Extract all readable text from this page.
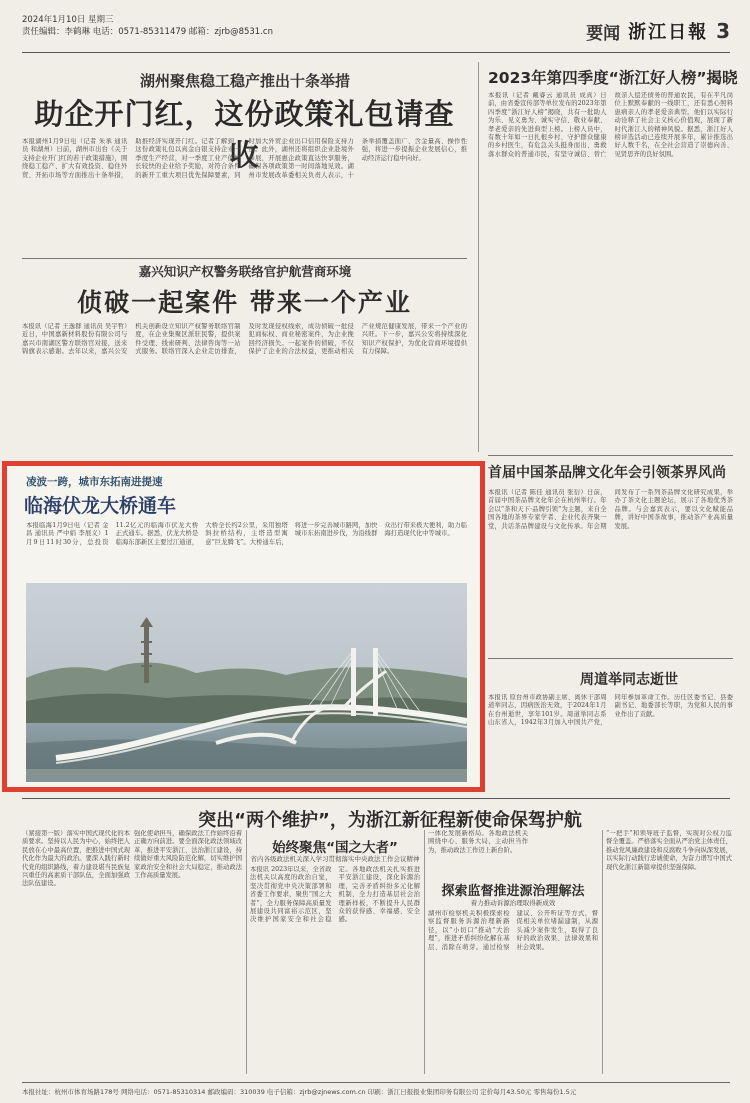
2024年1月10日 星期三
责任编辑：李鹤琳 电话：0571-85311479 邮箱：zjrb@8531.cn	要闻 浙江日報 3
湖州聚焦稳工稳产推出十条举措
助企开门红，这份政策礼包请查收
本报湖州1月9日电（记者 朱承 通讯员 和湖州）日前，湖州市出台《关于支持企业开门红的若干政策措施》，围绕稳工稳产、扩大有效投资、稳住外贸、开拓市场等方面推出十条举措，助推经济实现开门红。记者了解到，这份政策礼包以真金白银支持企业一季度生产经营，对一季度工业产值增长较快的企业给予奖励，对符合条件的新开工重大项目优先保障要素，同时加大外贸企业出口信用保险支持力度。此外，湖州还将组织企业赴境外参展，开展惠企政策直达快享服务，确保各项政策第一时间落地见效。湖州市发展改革委相关负责人表示，十条举措覆盖面广、含金量高、操作性强，将进一步提振企业发展信心，推动经济运行稳中向好。
嘉兴知识产权警务联络官护航营商环境
侦破一起案件 带来一个产业
本报讯（记者 王逸群 通讯员 吴宇哲）近日，中国嘉新材料股份有限公司与嘉兴市南湖区警方联络官对接，送来锦旗表示感谢。去年以来，嘉兴公安机关创新设立知识产权警务联络官制度，在企业集聚区派驻民警，提供案件受理、线索研判、法律咨询等一站式服务。联络官深入企业走访排查，及时发现侵权线索，成功侦破一批侵犯商标权、商业秘密案件，为企业挽回经济损失。一起案件的侦破，不仅保护了企业的合法权益，更推动相关产业规范健康发展，带来一个产业的兴旺。下一步，嘉兴公安将持续深化知识产权保护，为优化营商环境提供有力保障。
2023年第四季度“浙江好人榜”揭晓
本报讯（记者 戴睿云 通讯员 成真）日前，由省委宣传部等单位发布的2023年第四季度“浙江好人榜”揭晓，共有一批助人为乐、见义勇为、诚实守信、敬业奉献、孝老爱亲的先进典型上榜。上榜人员中，有数十年如一日扎根乡村、守护群众健康的乡村医生，有危急关头挺身而出、勇救落水群众的普通市民，有坚守诚信、替亡故亲人偿还债务的普通农民，有在平凡岗位上默默奉献的一线职工，还有悉心照料患病亲人的孝老爱亲典型。他们以实际行动诠释了社会主义核心价值观，展现了新时代浙江人的精神风貌。据悉，浙江好人榜评选活动已连续开展多年，累计推选出好人数千名，在全社会营造了崇德向善、见贤思齐的良好氛围。
凌波一跨，城市东拓南进提速
临海伏龙大桥通车
本报临海1月9日电（记者 金昌 通讯员 严中娟 李展义）1月9日11时30分，总投资11.2亿元的临海市伏龙大桥正式通车。据悉，伏龙大桥是临海东部新区主要过江通道，大桥全长约2公里，采用独塔斜拉桥结构，主塔造型寓意“巨龙腾飞”。大桥通车后，将进一步完善城市路网，加快城市东拓南进步伐，为沿线群众出行带来极大便利，助力临海打造现代化中等城市。
首届中国茶品牌文化年会引领茶界风尚
本报讯（记者 陈佳 通讯员 张衍）日前，首届中国茶品牌文化年会在杭州举行。年会以“茶和天下·品牌引领”为主题，来自全国各地的茶界专家学者、企业代表齐聚一堂，共话茶品牌建设与文化传承。年会期间发布了一系列茶品牌文化研究成果，举办了茶文化主题论坛，展示了各地优秀茶品牌。与会嘉宾表示，要以文化赋能品牌，讲好中国茶故事，推动茶产业高质量发展。
周道举同志逝世
本报讯 原台州市政协副主席、离休干部周道举同志，因病医治无效，于2024年1月在台州逝世，享年101岁。周道举同志系山东省人，1942年3月加入中国共产党，同年参加革命工作。历任区委书记、县委副书记、地委部长等职，为党和人民的事业作出了贡献。
突出“两个维护”，为浙江新征程新使命保驾护航
（紧接第一版）落实中国式现代化的本质要求。坚持以人民为中心，始终把人民放在心中最高位置，把推进中国式现代化作为最大的政治。要深入践行新时代党的组织路线，着力建设堪当民族复兴重任的高素质干部队伍，全面加强政法队伍建设。
强化使命担当，确保政法工作始终沿着正确方向前进。要全面深化政法领域改革，推进平安浙江、法治浙江建设，持续做好重大风险防范化解，切实维护国家政治安全和社会大局稳定，推动政法工作高质量发展。
始终聚焦“国之大者”
省内各级政法机关深入学习贯彻落实中央政法工作会议精神
本报讯 2023年以来，全省政法机关以高度的政治自觉，坚决贯彻党中央决策部署和省委工作要求，聚焦“国之大者”，全力服务保障高质量发展建设共同富裕示范区，坚决维护国家安全和社会稳定。各地政法机关扎实推进平安浙江建设，深化诉源治理，完善矛盾纠纷多元化解机制，全力打造基层社会治理新样板，不断提升人民群众的获得感、幸福感、安全感。
一体化发展新格局。各地政法机关围绕中心、服务大局，主动担当作为，推动政法工作迈上新台阶。
探索监督推进源治理解法
着力推动诉源治理取得新成效
湖州市检察机关积极探索检察监督服务诉源治理新路径，以“小切口”推动“大治理”，推进矛盾纠纷化解在基层、消除在萌芽。通过检察建议、公开听证等方式，督促相关单位堵漏建制，从源头减少案件发生，取得了良好的政治效果、法律效果和社会效果。
“一把手”和领导班子监督，实现对公权力监督全覆盖。严格落实全面从严治党主体责任，推动党风廉政建设和反腐败斗争向纵深发展，以实际行动践行忠诚使命，为奋力谱写中国式现代化浙江新篇章提供坚强保障。
本报社址：杭州市体育场路178号 网络电话：0571-85310314 邮政编码：310039 电子信箱：zjrb@zjnews.com.cn 印刷：浙江日报报业集团印务有限公司 定价每月43.50元 零售每份1.5元
